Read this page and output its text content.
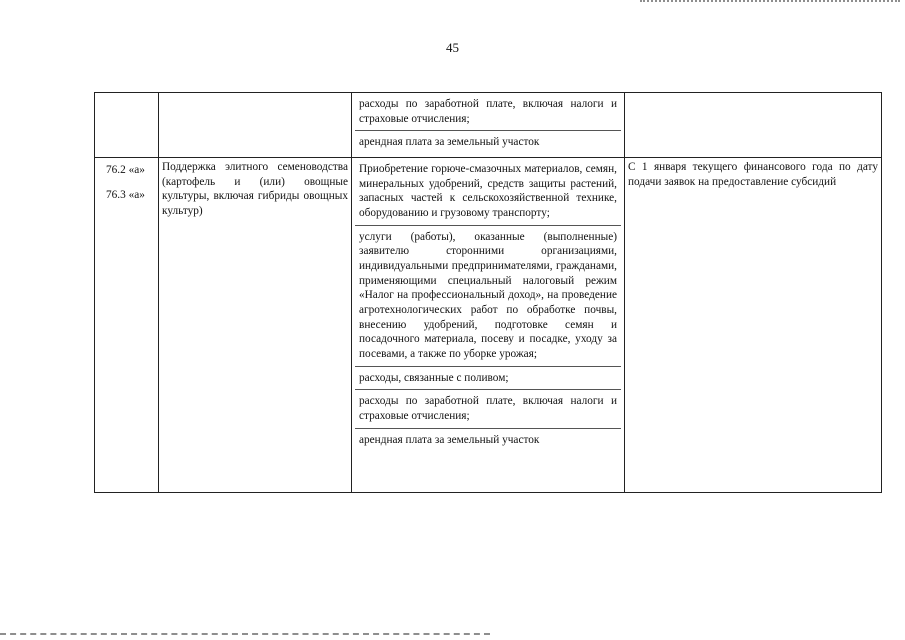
45

		расходы по заработной плате, включая налоги и страховые отчисления;
арендная плата за земельный участок	

76.2 «а»
76.3 «а»	Поддержка элитного семеноводства (картофель и (или) овощные культуры, включая гибриды овощных культур)	Приобретение горюче-смазочных материалов, семян, минеральных удобрений, средств защиты растений, запасных частей к сельскохозяйственной технике, оборудованию и грузовому транспорту;
услуги (работы), оказанные (выполненные) заявителю сторонними организациями, индивидуальными предпринимателями, гражданами, применяющими специальный налоговый режим «Налог на профессиональный доход», на проведение агротехнологических работ по обработке почвы, внесению удобрений, подготовке семян и посадочного материала, посеву и посадке, уходу за посевами, а также по уборке урожая;
расходы, связанные с поливом;
расходы по заработной плате, включая налоги и страховые отчисления;
арендная плата за земельный участок	С 1 января текущего финансового года по дату подачи заявок на предоставление субсидий
